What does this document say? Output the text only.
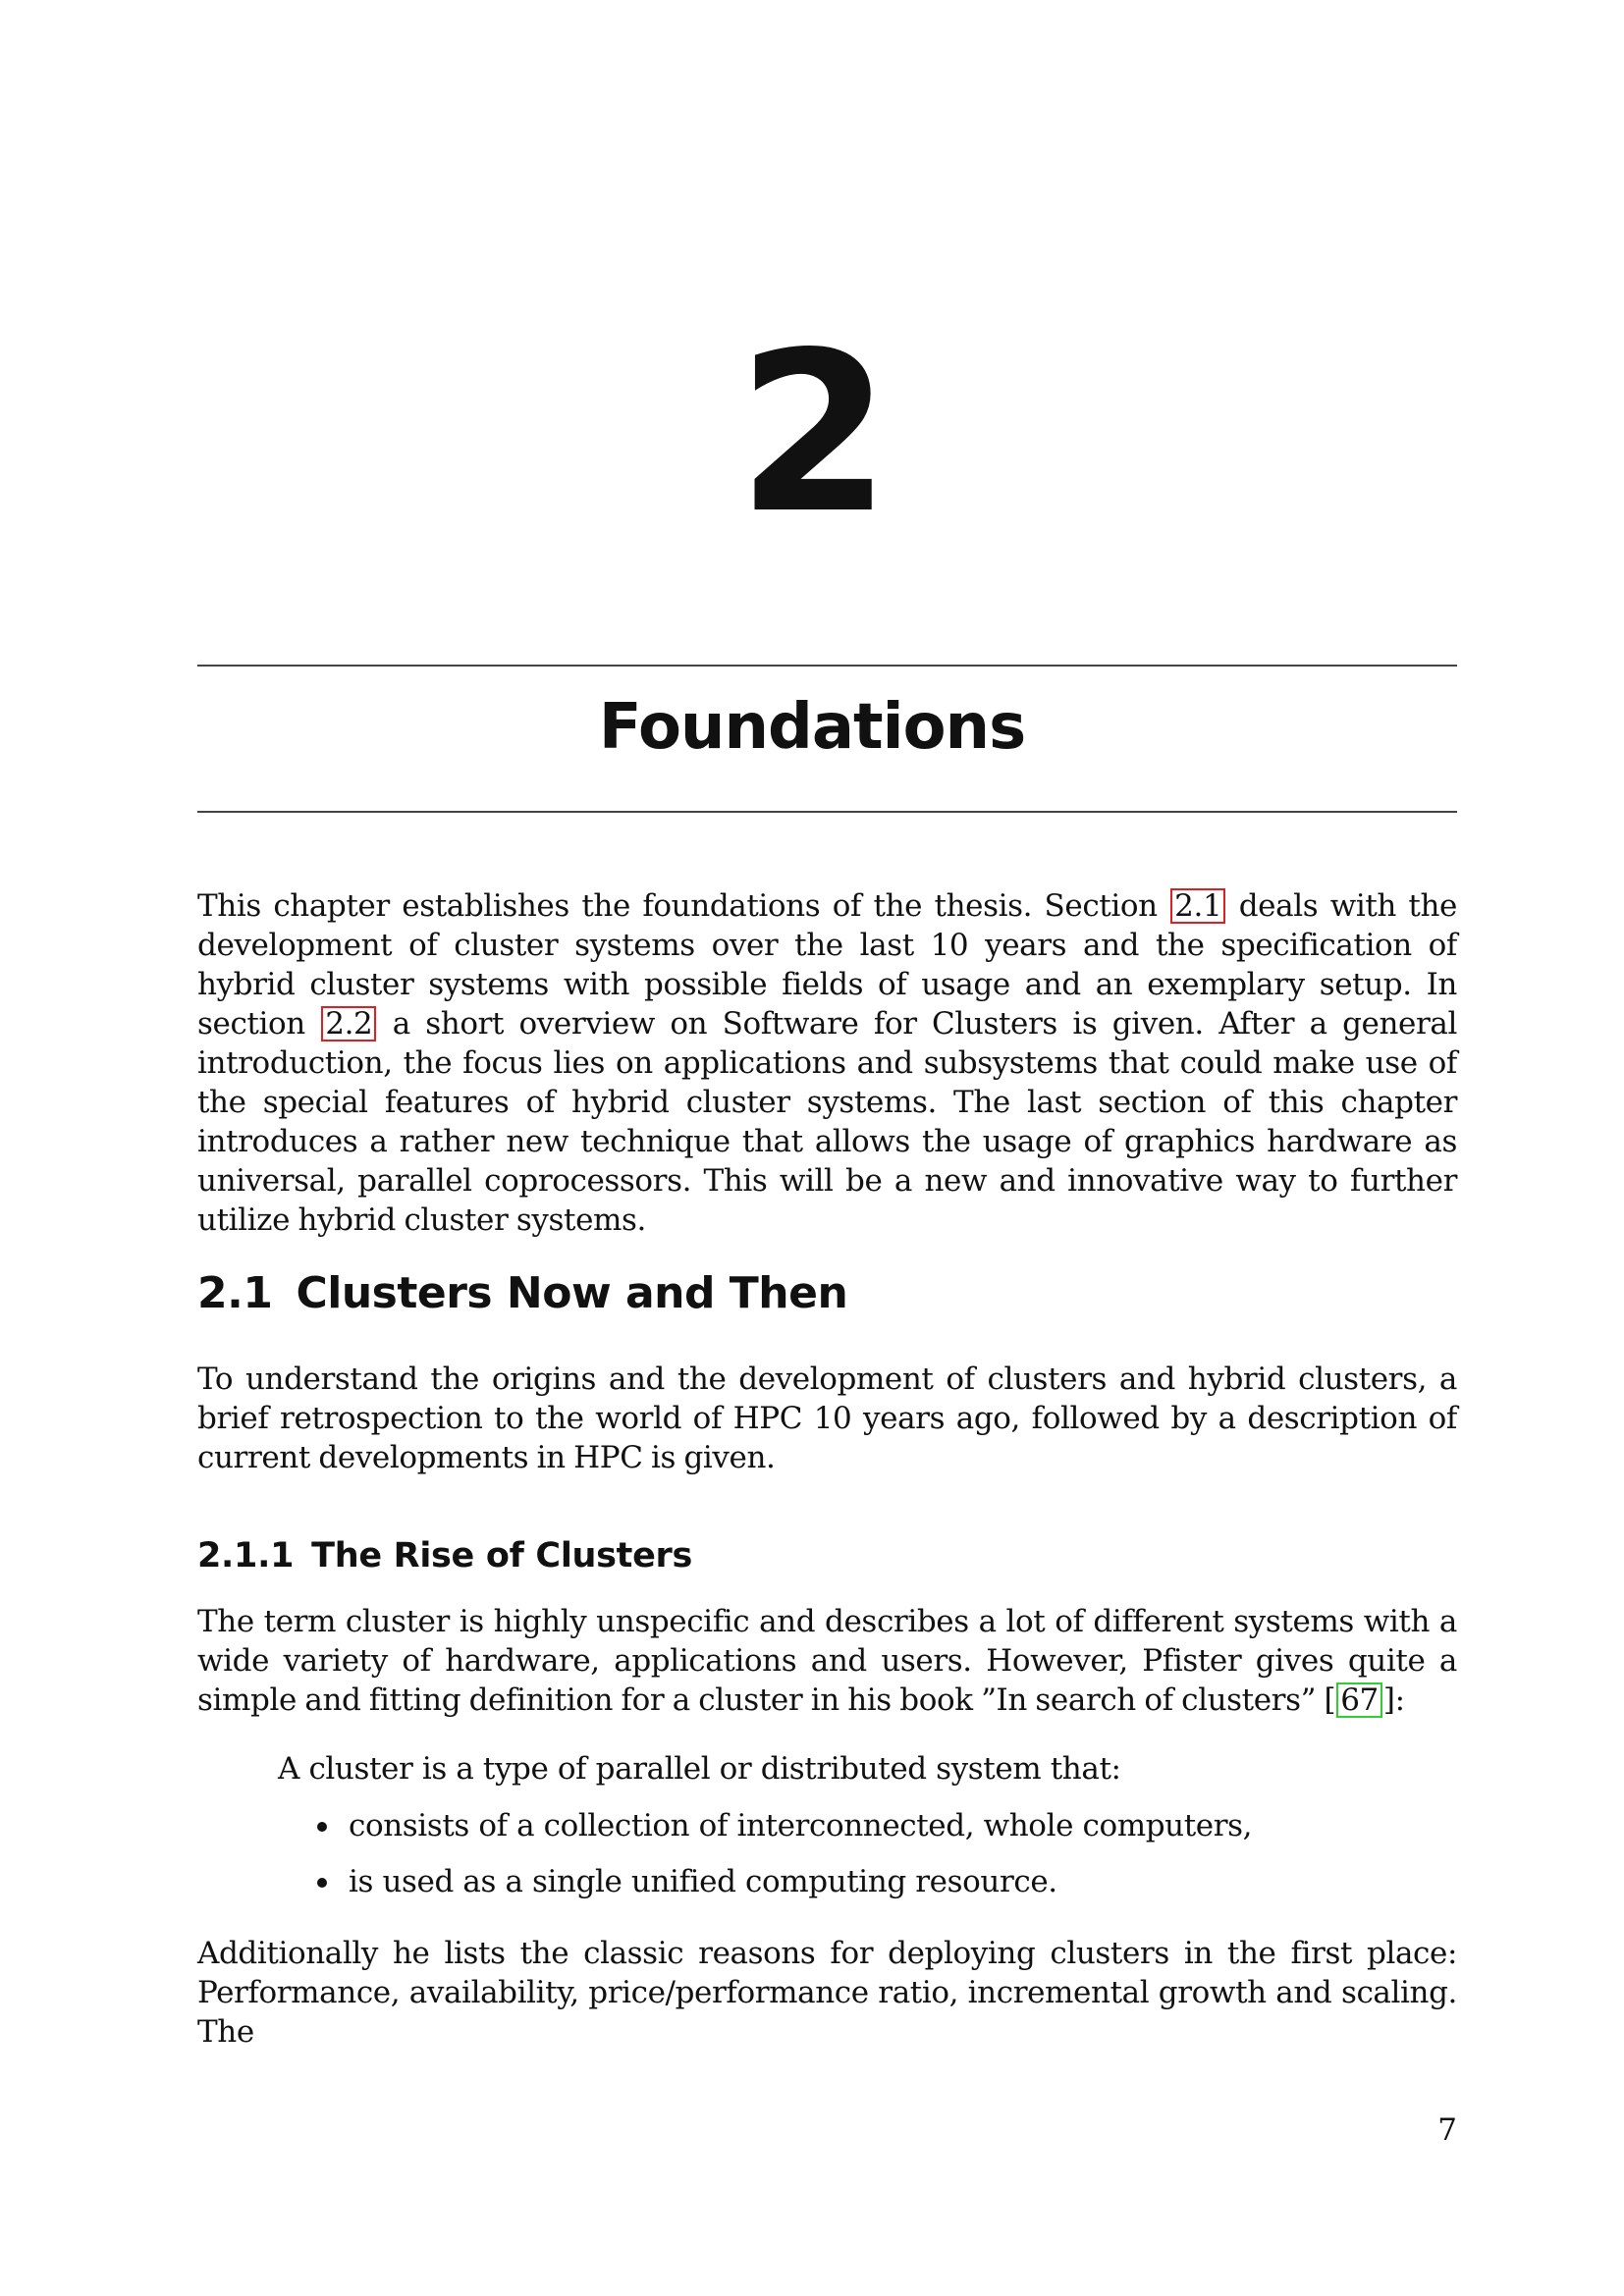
2
Foundations

This chapter establishes the foundations of the thesis. Section 2.1 deals with the development of cluster systems over the last 10 years and the specification of hybrid cluster systems with possible fields of usage and an exemplary setup. In section 2.2 a short overview on Software for Clusters is given. After a general introduction, the focus lies on applications and subsystems that could make use of the special features of hybrid cluster systems. The last section of this chapter introduces a rather new technique that allows the usage of graphics hardware as universal, parallel coprocessors. This will be a new and innovative way to further utilize hybrid cluster systems.

2.1 Clusters Now and Then

To understand the origins and the development of clusters and hybrid clusters, a brief retrospection to the world of HPC 10 years ago, followed by a description of current developments in HPC is given.

2.1.1 The Rise of Clusters

The term cluster is highly unspecific and describes a lot of different systems with a wide variety of hardware, applications and users. However, Pfister gives quite a simple and fitting definition for a cluster in his book ”In search of clusters” [ 67 ]:

A cluster is a type of parallel or distributed system that:

consists of a collection of interconnected, whole computers,
is used as a single unified computing resource.

Additionally he lists the classic reasons for deploying clusters in the first place: Performance, availability, price/performance ratio, incremental growth and scaling. The

7
